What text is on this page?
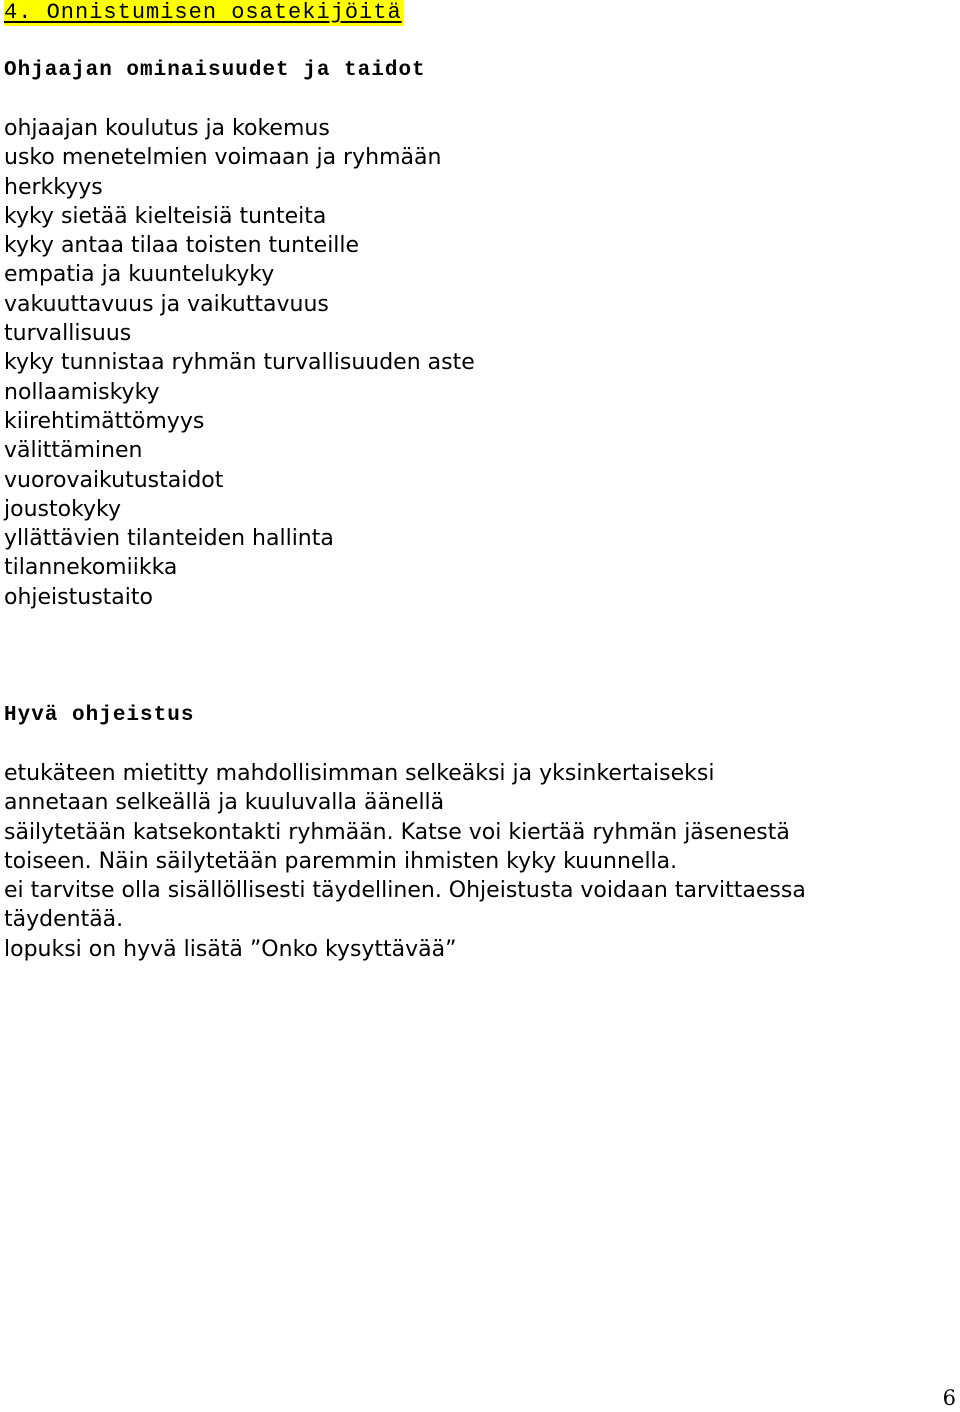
4. Onnistumisen osatekijöitä
Ohjaajan ominaisuudet ja taidot
ohjaajan koulutus ja kokemus
usko menetelmien voimaan ja ryhmään
herkkyys
kyky sietää kielteisiä tunteita
kyky antaa tilaa toisten tunteille
empatia ja kuuntelukyky
vakuuttavuus ja vaikuttavuus
turvallisuus
kyky tunnistaa ryhmän turvallisuuden aste
nollaamiskyky
kiirehtimättömyys
välittäminen
vuorovaikutustaidot
joustokyky
yllättävien tilanteiden hallinta
tilannekomiikka
ohjeistustaito
Hyvä ohjeistus
etukäteen mietitty mahdollisimman selkeäksi ja yksinkertaiseksi
annetaan selkeällä ja kuuluvalla äänellä
säilytetään katsekontakti ryhmään. Katse voi kiertää ryhmän jäsenestä
toiseen. Näin säilytetään paremmin ihmisten kyky kuunnella.
ei tarvitse olla sisällöllisesti täydellinen. Ohjeistusta voidaan tarvittaessa
täydentää.
lopuksi on hyvä lisätä ”Onko kysyttävää”
6
